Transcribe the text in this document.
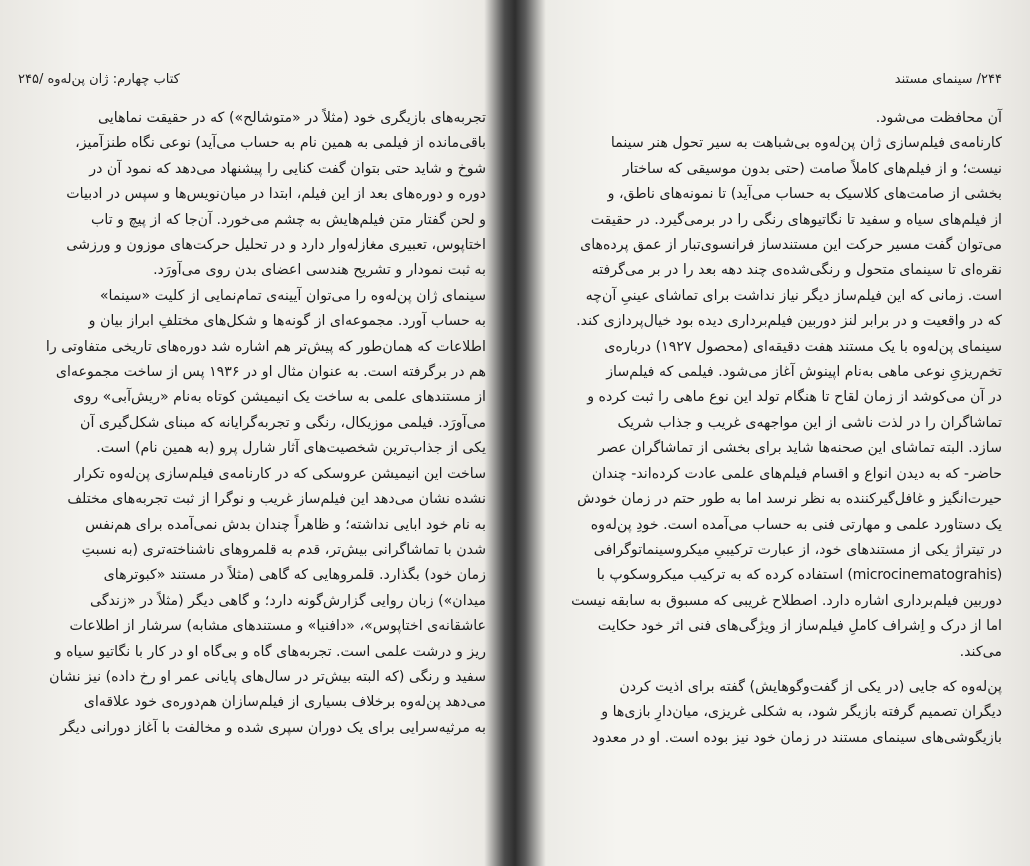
کتاب چهارم: ژان پن‌له‌وه /۲۴۵

تجربه‌های بازیگری خود (مثلاً در «متوشالح») که در حقیقت نماهایی

باقی‌مانده از فیلمی به همین نام به حساب می‌آید) نوعی نگاه طنزآمیز،

شوخ و شاید حتی بتوان گفت کنایی را پیشنهاد می‌دهد که نمود آن در

دوره و دوره‌های بعد از این فیلم، ابتدا در میان‌نویس‌ها و سپس در ادبیات

و لحن گفتار متن فیلم‌هایش به چشم می‌خورد. آن‌جا که از پیچ و تاب

اختاپوس، تعبیری مغازله‌وار دارد و در تحلیل حرکت‌های موزون و ورزشی

به ثبت نمودار و تشریح هندسی اعضای بدن روی می‌آورَد.

سینمای ژان پن‌له‌وه را می‌توان آیینه‌ی تمام‌نمایی از کلیت «سینما»

به حساب آورد. مجموعه‌ای از گونه‌ها و شکل‌های مختلفِ ابراز بیان و

اطلاعات که همان‌طور که پیش‌تر هم اشاره شد دوره‌های تاریخی متفاوتی را

هم در برگرفته است. به عنوان مثال او در ۱۹۳۶ پس از ساخت مجموعه‌ای

از مستندهای علمی به ساخت یک انیمیشن کوتاه به‌نام «ریش‌آبی» روی

می‌آورَد. فیلمی موزیکال، رنگی و تجربه‌گرایانه که مبنای شکل‌گیری آن

یکی از جذاب‌ترین شخصیت‌های آثار شارل پرو (به همین نام) است.

ساخت این انیمیشن عروسکی که در کارنامه‌ی فیلم‌سازی پن‌له‌وه تکرار

نشده نشان می‌دهد این فیلم‌ساز غریب و نوگرا از ثبت تجربه‌های مختلف

به نام خود ابایی نداشته؛ و ظاهراً چندان بدش نمی‌آمده برای هم‌نفس

شدن با تماشاگرانی بیش‌تر، قدم به قلمروهای ناشناخته‌تری (به نسبتِ

زمان خود) بگذارد. قلمروهایی که گاهی (مثلاً در مستند «کبوترهای

میدان») زبان روایی گزارش‌گونه دارد؛ و گاهی دیگر (مثلاً در «زندگی

عاشقانه‌ی اختاپوس»، «دافنیا» و مستندهای مشابه) سرشار از اطلاعات

ریز و درشت علمی است. تجربه‌های گاه و بی‌گاه او در کار با نگاتیو سیاه و

سفید و رنگی (که البته بیش‌تر در سال‌های پایانی عمر او رخ داده) نیز نشان

می‌دهد پن‌له‌وه برخلاف بسیاری از فیلم‌سازان هم‌دوره‌ی خود علاقه‌ای

به مرثیه‌سرایی برای یک دوران سپری شده و مخالفت با آغاز دورانی دیگر

۲۴۴/ سینمای مستند

آن محافظت می‌شود.

کارنامه‌ی فیلم‌سازی ژان پن‌له‌وه بی‌شباهت به سیر تحول هنر سینما

نیست؛ و از فیلم‌های کاملاً صامت (حتی بدون موسیقی که ساختار

بخشی از صامت‌های کلاسیک به حساب می‌آید) تا نمونه‌های ناطق، و

از فیلم‌های سیاه و سفید تا نگاتیوهای رنگی را در برمی‌گیرد. در حقیقت

می‌توان گفت مسیر حرکت این مستندساز فرانسوی‌تبار از عمق پرده‌های

نقره‌ای تا سینمای متحول و رنگی‌شده‌ی چند دهه بعد را در بر می‌گرفته

است. زمانی که این فیلم‌ساز دیگر نیاز نداشت برای تماشای عینیِ آن‌چه

که در واقعیت و در برابر لنز دوربین فیلم‌برداری دیده بود خیال‌پردازی کند.

سینمای پن‌له‌وه با یک مستند هفت دقیقه‌ای (محصول ۱۹۲۷) درباره‌ی

تخم‌ریزیِ نوعی ماهی به‌نام اپینوش آغاز می‌شود. فیلمی که فیلم‌ساز

در آن می‌کوشد از زمان لقاح تا هنگام تولد این نوع ماهی را ثبت کرده و

تماشاگران را در لذت ناشی از این مواجهه‌ی غریب و جذاب شریک

سازد. البته تماشای این صحنه‌ها شاید برای بخشی از تماشاگران عصر

حاضر- که به دیدن انواع و اقسام فیلم‌های علمی عادت کرده‌اند- چندان

حیرت‌انگیز و غافل‌گیرکننده به نظر نرسد اما به طور حتم در زمان خودش

یک دستاورد علمی و مهارتی فنی به حساب می‌آمده است. خودِ پن‌له‌وه

در تیتراژ یکی از مستندهای خود، از عبارت ترکیبیِ میکروسینماتوگرافی

(microcinematograhis) استفاده کرده که به ترکیب میکروسکوپ با

دوربین فیلم‌برداری اشاره دارد. اصطلاح غریبی که مسبوق به سابقه نیست

اما از درک و اِشراف کاملِ فیلم‌ساز از ویژگی‌های فنی اثر خود حکایت

می‌کند.

پن‌له‌وه که جایی (در یکی از گفت‌وگوهایش) گفته برای اذیت کردن

دیگران تصمیم گرفته بازیگر شود، به شکلی غریزی، میان‌دارِ بازی‌ها و

بازیگوشی‌های سینمای مستند در زمان خود نیز بوده است. او در معدود
